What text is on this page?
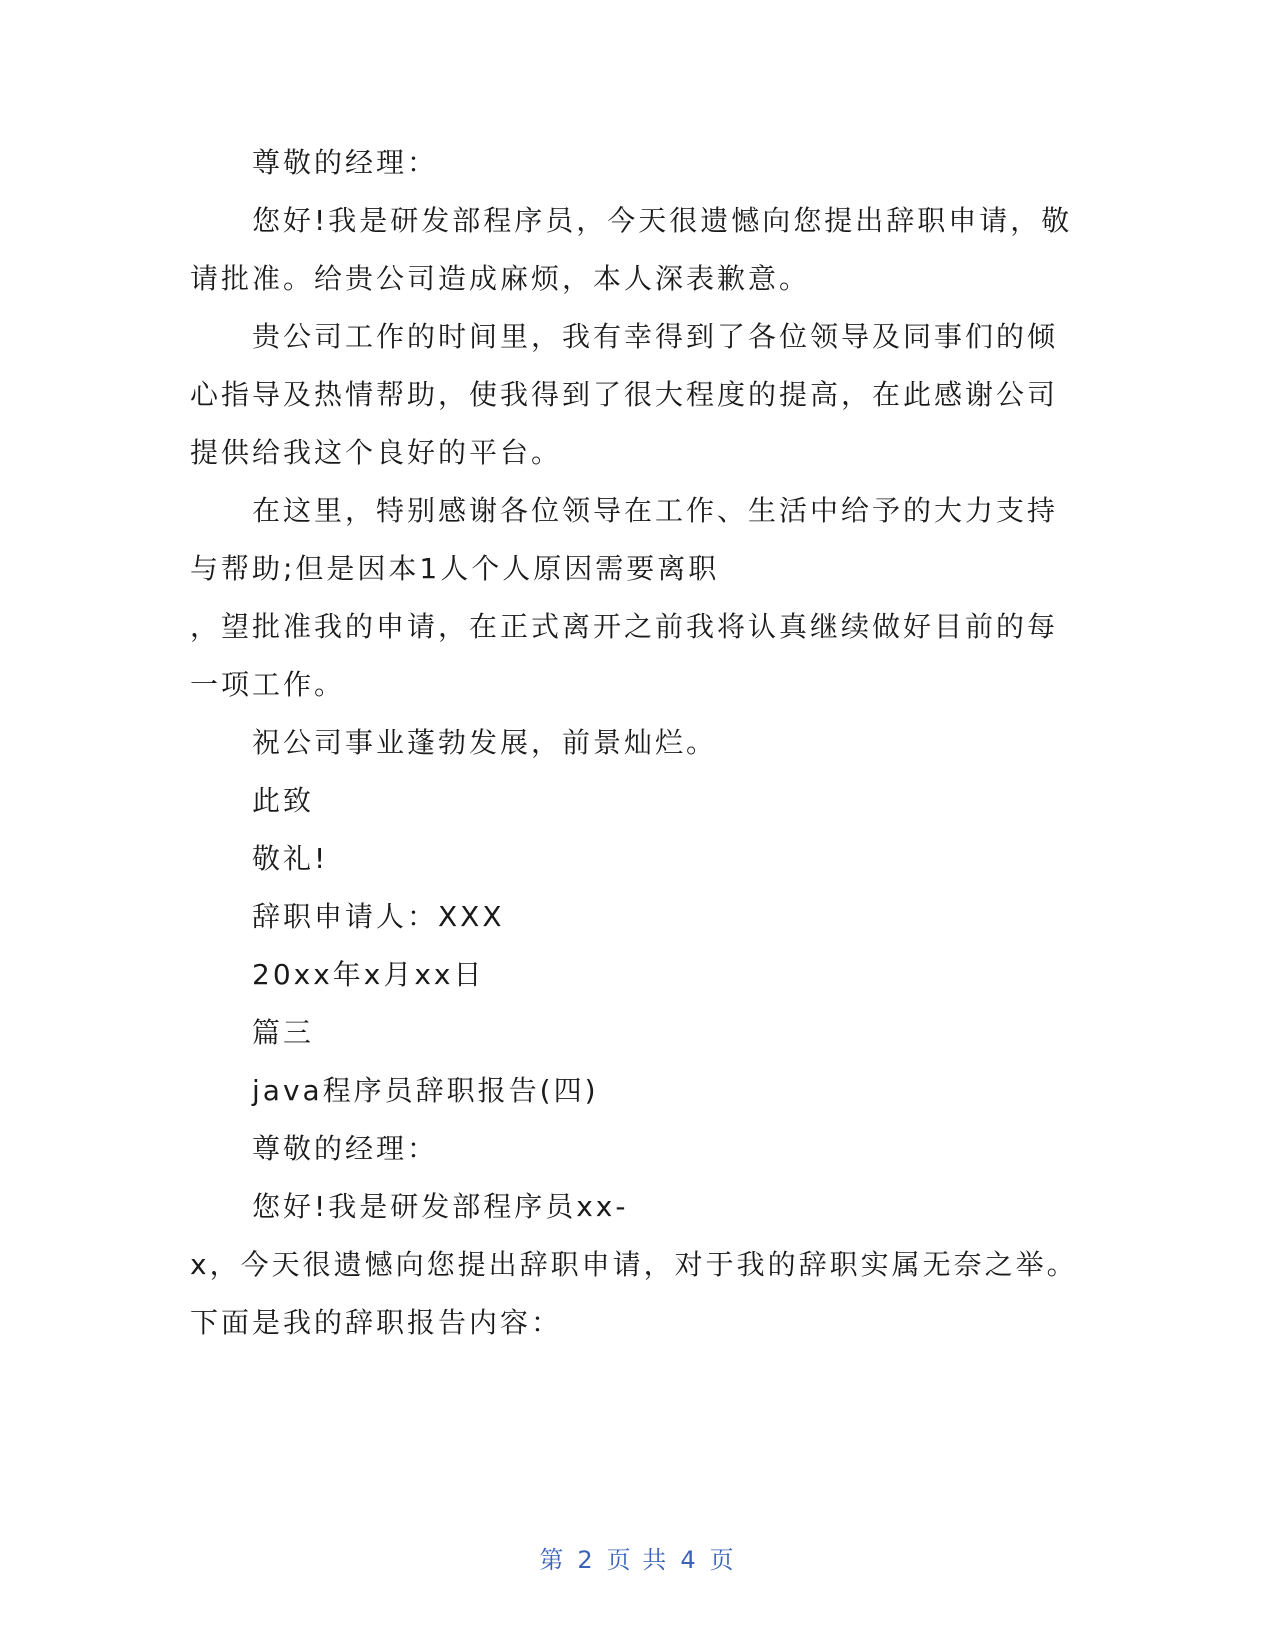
尊敬的经理：
您好!我是研发部程序员，今天很遗憾向您提出辞职申请，敬
请批准。给贵公司造成麻烦，本人深表歉意。
贵公司工作的时间里，我有幸得到了各位领导及同事们的倾
心指导及热情帮助，使我得到了很大程度的提高，在此感谢公司
提供给我这个良好的平台。
在这里，特别感谢各位领导在工作、生活中给予的大力支持
与帮助;但是因本1人个人原因需要离职
，望批准我的申请，在正式离开之前我将认真继续做好目前的每
一项工作。
祝公司事业蓬勃发展，前景灿烂。
此致
敬礼!
辞职申请人：XXX
20xx年x月xx日
篇三
java程序员辞职报告(四)
尊敬的经理：
您好!我是研发部程序员xx-
x，今天很遗憾向您提出辞职申请，对于我的辞职实属无奈之举。
下面是我的辞职报告内容：
第 2 页 共 4 页
